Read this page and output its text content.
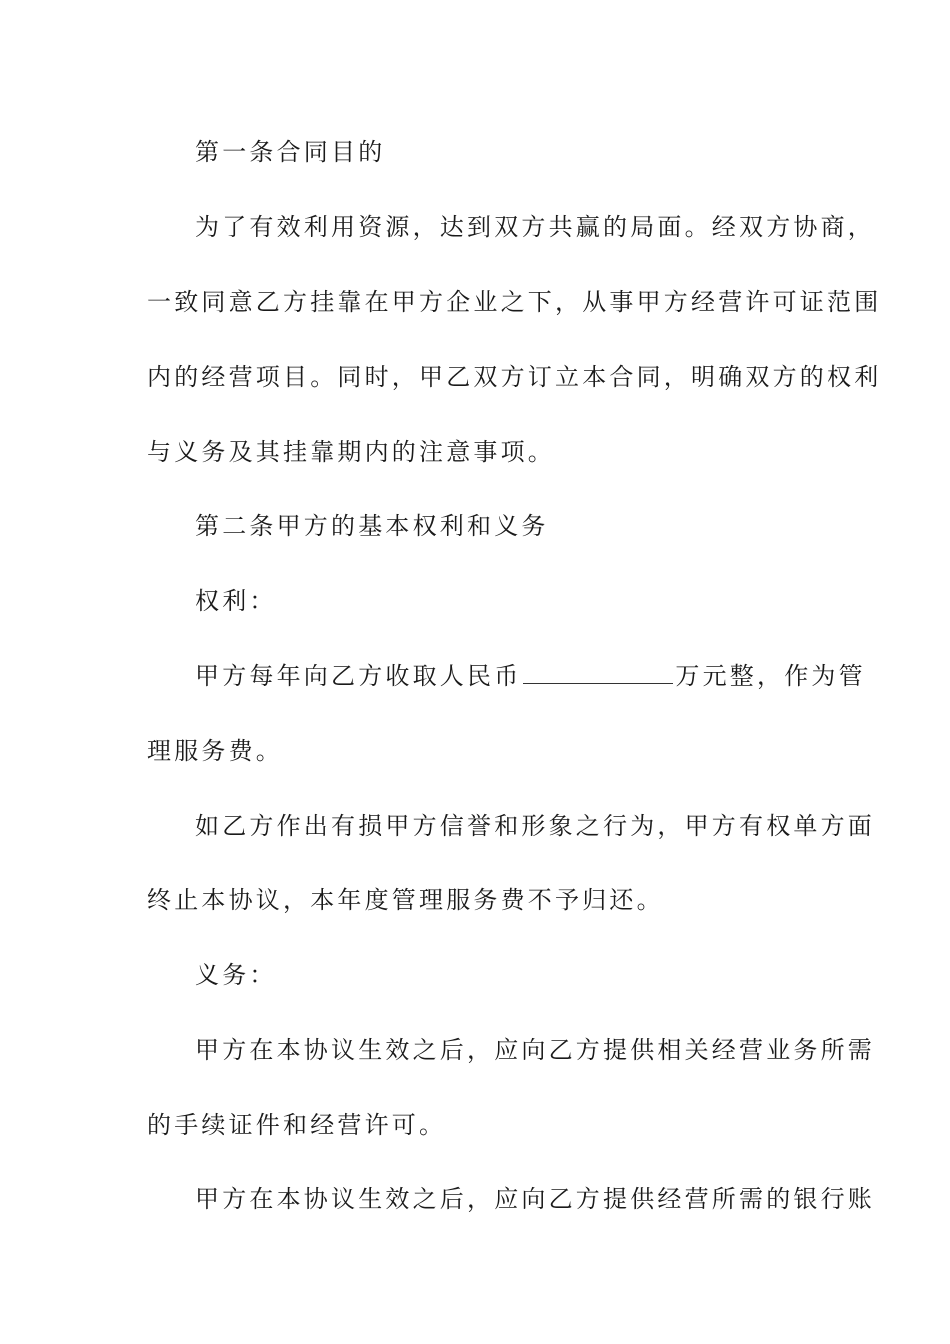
第一条合同目的
为了有效利用资源，达到双方共赢的局面。经双方协商，
一致同意乙方挂靠在甲方企业之下，从事甲方经营许可证范围
内的经营项目。同时，甲乙双方订立本合同，明确双方的权利
与义务及其挂靠期内的注意事项。
第二条甲方的基本权利和义务
权利：
甲方每年向乙方收取人民币	万元整，作为管
理服务费。
如乙方作出有损甲方信誉和形象之行为，甲方有权单方面
终止本协议，本年度管理服务费不予归还。
义务：
甲方在本协议生效之后，应向乙方提供相关经营业务所需
的手续证件和经营许可。
甲方在本协议生效之后，应向乙方提供经营所需的银行账
